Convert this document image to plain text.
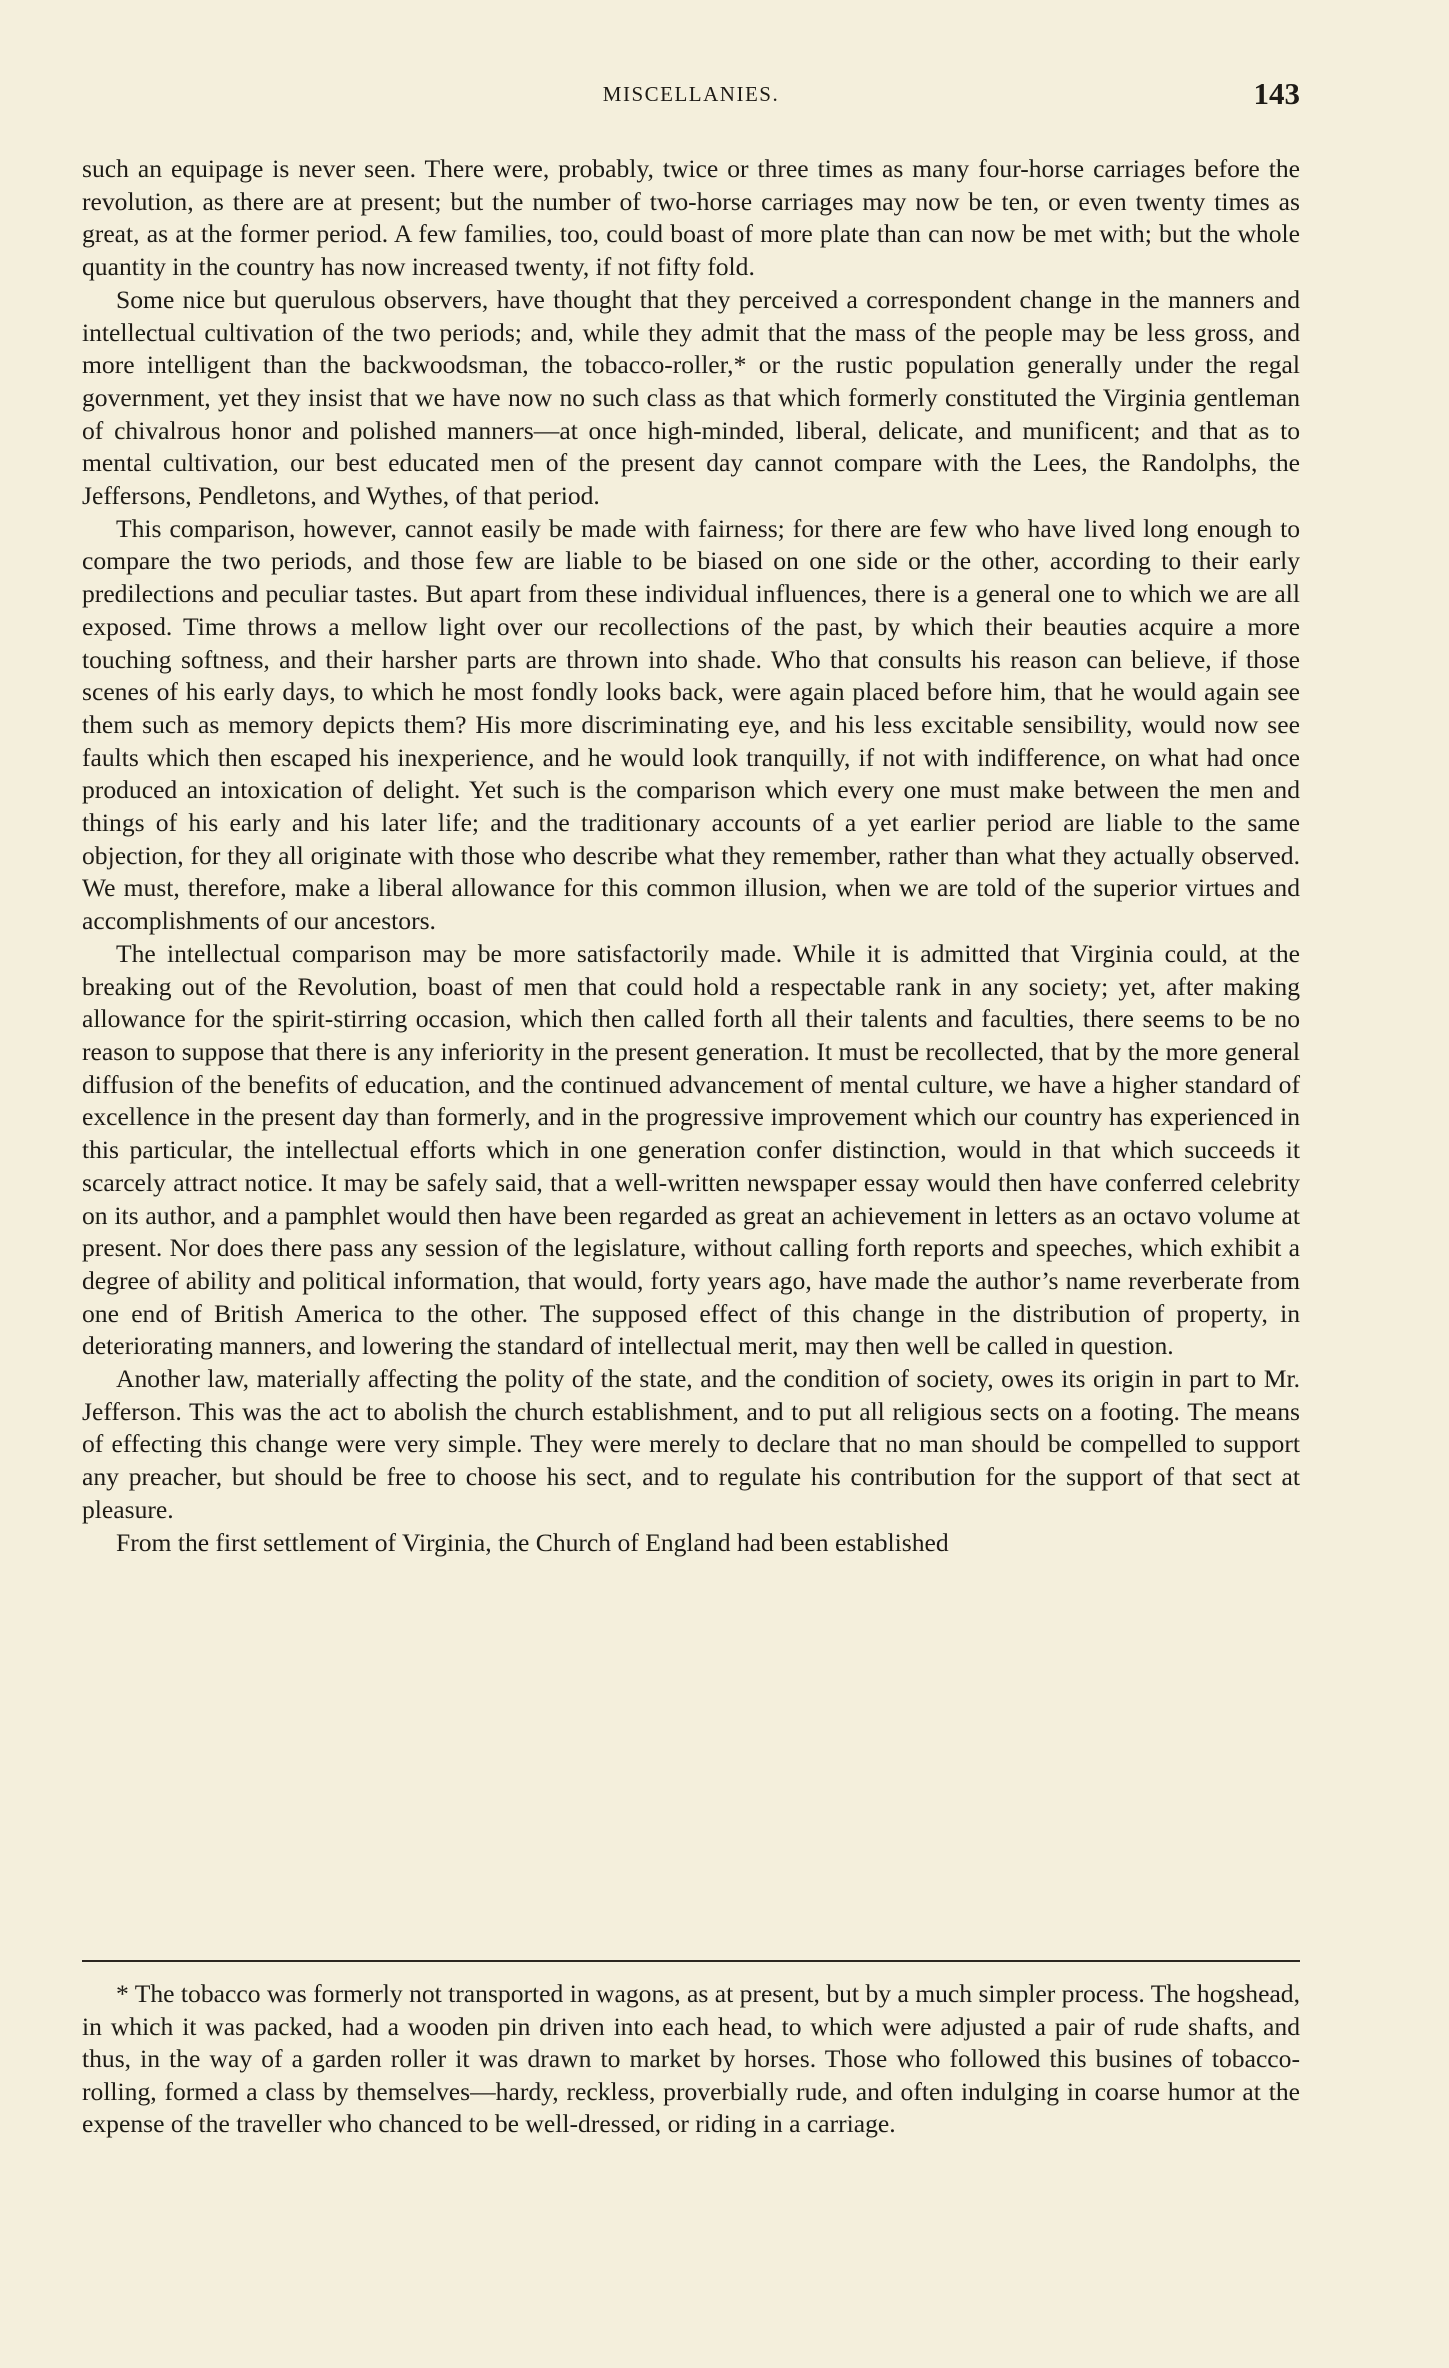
MISCELLANIES.	143

such an equipage is never seen. There were, probably, twice or three times as many four-horse carriages before the revolution, as there are at present; but the number of two-horse carriages may now be ten, or even twenty times as great, as at the former period. A few families, too, could boast of more plate than can now be met with; but the whole quantity in the country has now increased twenty, if not fifty fold.

Some nice but querulous observers, have thought that they perceived a correspondent change in the manners and intellectual cultivation of the two periods; and, while they admit that the mass of the people may be less gross, and more intelligent than the backwoodsman, the tobacco-roller,* or the rustic population generally under the regal government, yet they insist that we have now no such class as that which formerly constituted the Virginia gentleman of chivalrous honor and polished manners—at once high-minded, liberal, delicate, and munificent; and that as to mental cultivation, our best educated men of the present day cannot compare with the Lees, the Randolphs, the Jeffersons, Pendletons, and Wythes, of that period.

This comparison, however, cannot easily be made with fairness; for there are few who have lived long enough to compare the two periods, and those few are liable to be biased on one side or the other, according to their early predilections and peculiar tastes. But apart from these individual influences, there is a general one to which we are all exposed. Time throws a mellow light over our recollections of the past, by which their beauties acquire a more touching softness, and their harsher parts are thrown into shade. Who that consults his reason can believe, if those scenes of his early days, to which he most fondly looks back, were again placed before him, that he would again see them such as memory depicts them? His more discriminating eye, and his less excitable sensibility, would now see faults which then escaped his inexperience, and he would look tranquilly, if not with indifference, on what had once produced an intoxication of delight. Yet such is the comparison which every one must make between the men and things of his early and his later life; and the traditionary accounts of a yet earlier period are liable to the same objection, for they all originate with those who describe what they remember, rather than what they actually observed. We must, therefore, make a liberal allowance for this common illusion, when we are told of the superior virtues and accomplishments of our ancestors.

The intellectual comparison may be more satisfactorily made. While it is admitted that Virginia could, at the breaking out of the Revolution, boast of men that could hold a respectable rank in any society; yet, after making allowance for the spirit-stirring occasion, which then called forth all their talents and faculties, there seems to be no reason to suppose that there is any inferiority in the present generation. It must be recollected, that by the more general diffusion of the benefits of education, and the continued advancement of mental culture, we have a higher standard of excellence in the present day than formerly, and in the progressive improvement which our country has experienced in this particular, the intellectual efforts which in one generation confer distinction, would in that which succeeds it scarcely attract notice. It may be safely said, that a well-written newspaper essay would then have conferred celebrity on its author, and a pamphlet would then have been regarded as great an achievement in letters as an octavo volume at present. Nor does there pass any session of the legislature, without calling forth reports and speeches, which exhibit a degree of ability and political information, that would, forty years ago, have made the author’s name reverberate from one end of British America to the other. The supposed effect of this change in the distribution of property, in deteriorating manners, and lowering the standard of intellectual merit, may then well be called in question.

Another law, materially affecting the polity of the state, and the condition of society, owes its origin in part to Mr. Jefferson. This was the act to abolish the church establishment, and to put all religious sects on a footing. The means of effecting this change were very simple. They were merely to declare that no man should be compelled to support any preacher, but should be free to choose his sect, and to regulate his contribution for the support of that sect at pleasure.

From the first settlement of Virginia, the Church of England had been established

* The tobacco was formerly not transported in wagons, as at present, but by a much simpler process. The hogshead, in which it was packed, had a wooden pin driven into each head, to which were adjusted a pair of rude shafts, and thus, in the way of a garden roller it was drawn to market by horses. Those who followed this busines of tobacco-rolling, formed a class by themselves—hardy, reckless, proverbially rude, and often indulging in coarse humor at the expense of the traveller who chanced to be well-dressed, or riding in a carriage.
